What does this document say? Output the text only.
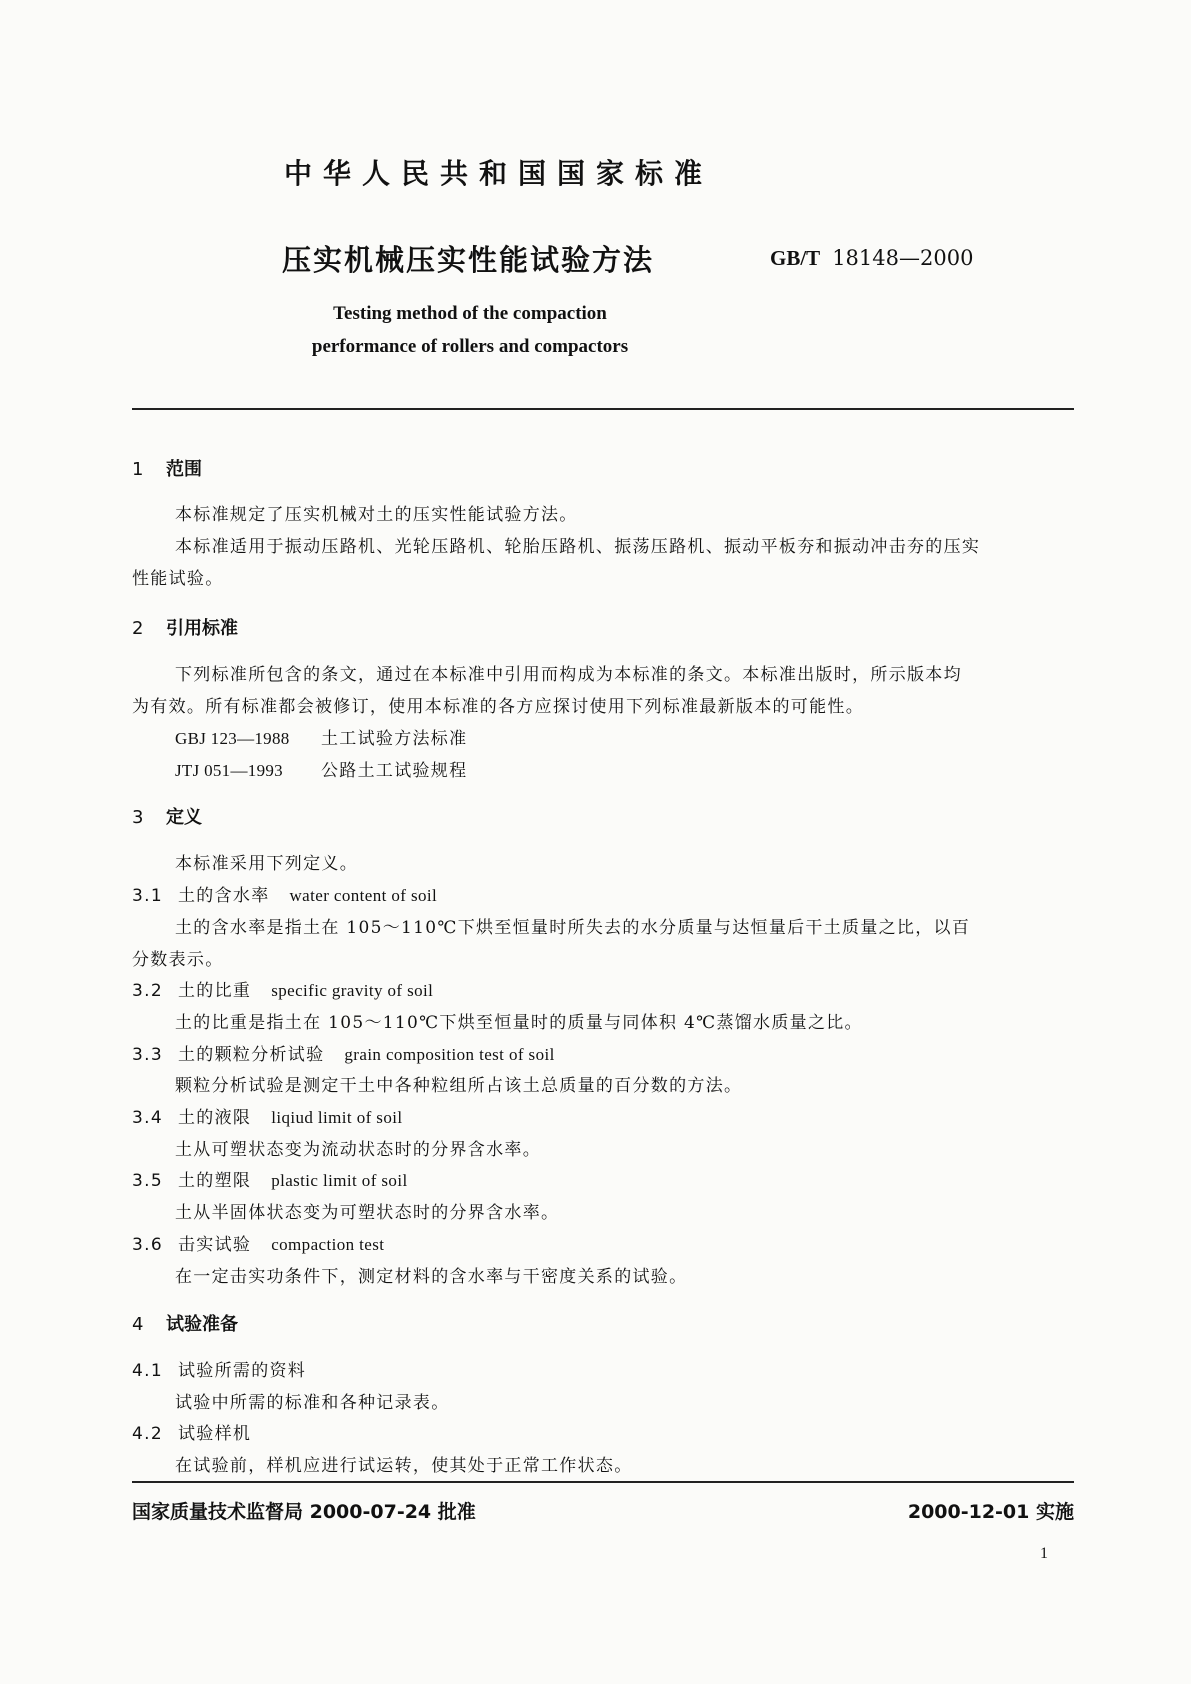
中华人民共和国国家标准
压实机械压实性能试验方法	GB/T 18148—2000
Testing method of the compaction
performance of rollers and compactors
1 范围
本标准规定了压实机械对土的压实性能试验方法。
本标准适用于振动压路机、光轮压路机、轮胎压路机、振荡压路机、振动平板夯和振动冲击夯的压实
性能试验。
2 引用标准
下列标准所包含的条文，通过在本标准中引用而构成为本标准的条文。本标准出版时，所示版本均
为有效。所有标准都会被修订，使用本标准的各方应探讨使用下列标准最新版本的可能性。
GBJ 123—1988 土工试验方法标准
JTJ 051—1993 公路土工试验规程
3 定义
本标准采用下列定义。
3.1 土的含水率 water content of soil
土的含水率是指土在 105～110℃下烘至恒量时所失去的水分质量与达恒量后干土质量之比，以百
分数表示。
3.2 土的比重 specific gravity of soil
土的比重是指土在 105～110℃下烘至恒量时的质量与同体积 4℃蒸馏水质量之比。
3.3 土的颗粒分析试验 grain composition test of soil
颗粒分析试验是测定干土中各种粒组所占该土总质量的百分数的方法。
3.4 土的液限 liqiud limit of soil
土从可塑状态变为流动状态时的分界含水率。
3.5 土的塑限 plastic limit of soil
土从半固体状态变为可塑状态时的分界含水率。
3.6 击实试验 compaction test
在一定击实功条件下，测定材料的含水率与干密度关系的试验。
4 试验准备
4.1 试验所需的资料
试验中所需的标准和各种记录表。
4.2 试验样机
在试验前，样机应进行试运转，使其处于正常工作状态。
国家质量技术监督局 2000-07-24 批准	2000-12-01 实施
1
